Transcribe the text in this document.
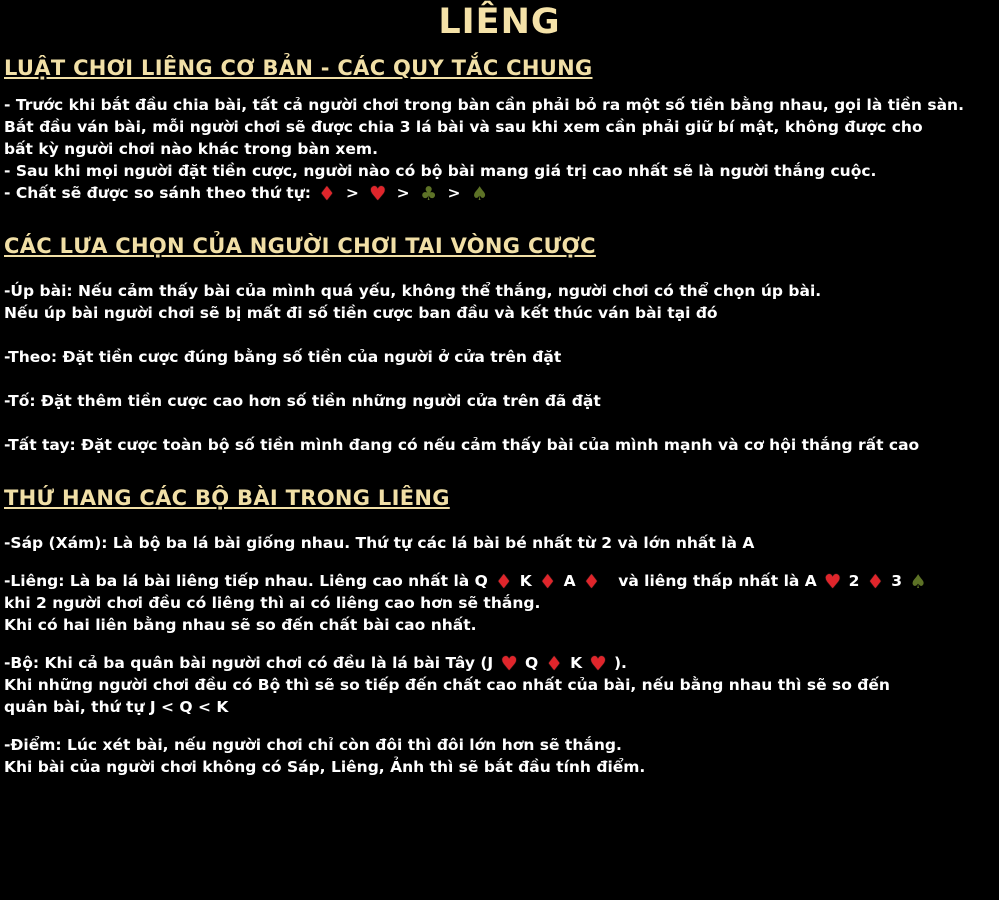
LIÊNG
LUẬT CHƠI LIÊNG CƠ BẢN - CÁC QUY TẮC CHUNG
- Trước khi bắt đầu chia bài, tất cả người chơi trong bàn cần phải bỏ ra một số tiền bằng nhau, gọi là tiền sàn.
Bắt đầu ván bài, mỗi người chơi sẽ được chia 3 lá bài và sau khi xem cần phải giữ bí mật, không được cho
bất kỳ người chơi nào khác trong bàn xem.
- Sau khi mọi người đặt tiền cược, người nào có bộ bài mang giá trị cao nhất sẽ là người thắng cuộc.
- Chất sẽ được so sánh theo thứ tự: ♦ > ♥ > ♣ > ♠
CÁC LƯA CHỌN CỦA NGƯỜI CHƠI TAI VÒNG CƯỢC
-Úp bài: Nếu cảm thấy bài của mình quá yếu, không thể thắng, người chơi có thể chọn úp bài.
Nếu úp bài người chơi sẽ bị mất đi số tiền cược ban đầu và kết thúc ván bài tại đó
-Theo: Đặt tiền cược đúng bằng số tiền của người ở cửa trên đặt
-Tố: Đặt thêm tiền cược cao hơn số tiền những người cửa trên đã đặt
-Tất tay: Đặt cược toàn bộ số tiền mình đang có nếu cảm thấy bài của mình mạnh và cơ hội thắng rất cao
THỨ HANG CÁC BỘ BÀI TRONG LIÊNG
-Sáp (Xám): Là bộ ba lá bài giống nhau. Thứ tự các lá bài bé nhất từ 2 và lớn nhất là A
-Liêng: Là ba lá bài liêng tiếp nhau. Liêng cao nhất là Q ♦ K ♦ A ♦ và liêng thấp nhất là A ♥ 2 ♦ 3 ♠
khi 2 người chơi đều có liêng thì ai có liêng cao hơn sẽ thắng.
Khi có hai liên bằng nhau sẽ so đến chất bài cao nhất.
-Bộ: Khi cả ba quân bài người chơi có đều là lá bài Tây (J ♥ Q ♦ K ♥ ).
Khi những người chơi đều có Bộ thì sẽ so tiếp đến chất cao nhất của bài, nếu bằng nhau thì sẽ so đến
quân bài, thứ tự J < Q < K
-Điểm: Lúc xét bài, nếu người chơi chỉ còn đôi thì đôi lớn hơn sẽ thắng.
Khi bài của người chơi không có Sáp, Liêng, Ảnh thì sẽ bắt đầu tính điểm.
